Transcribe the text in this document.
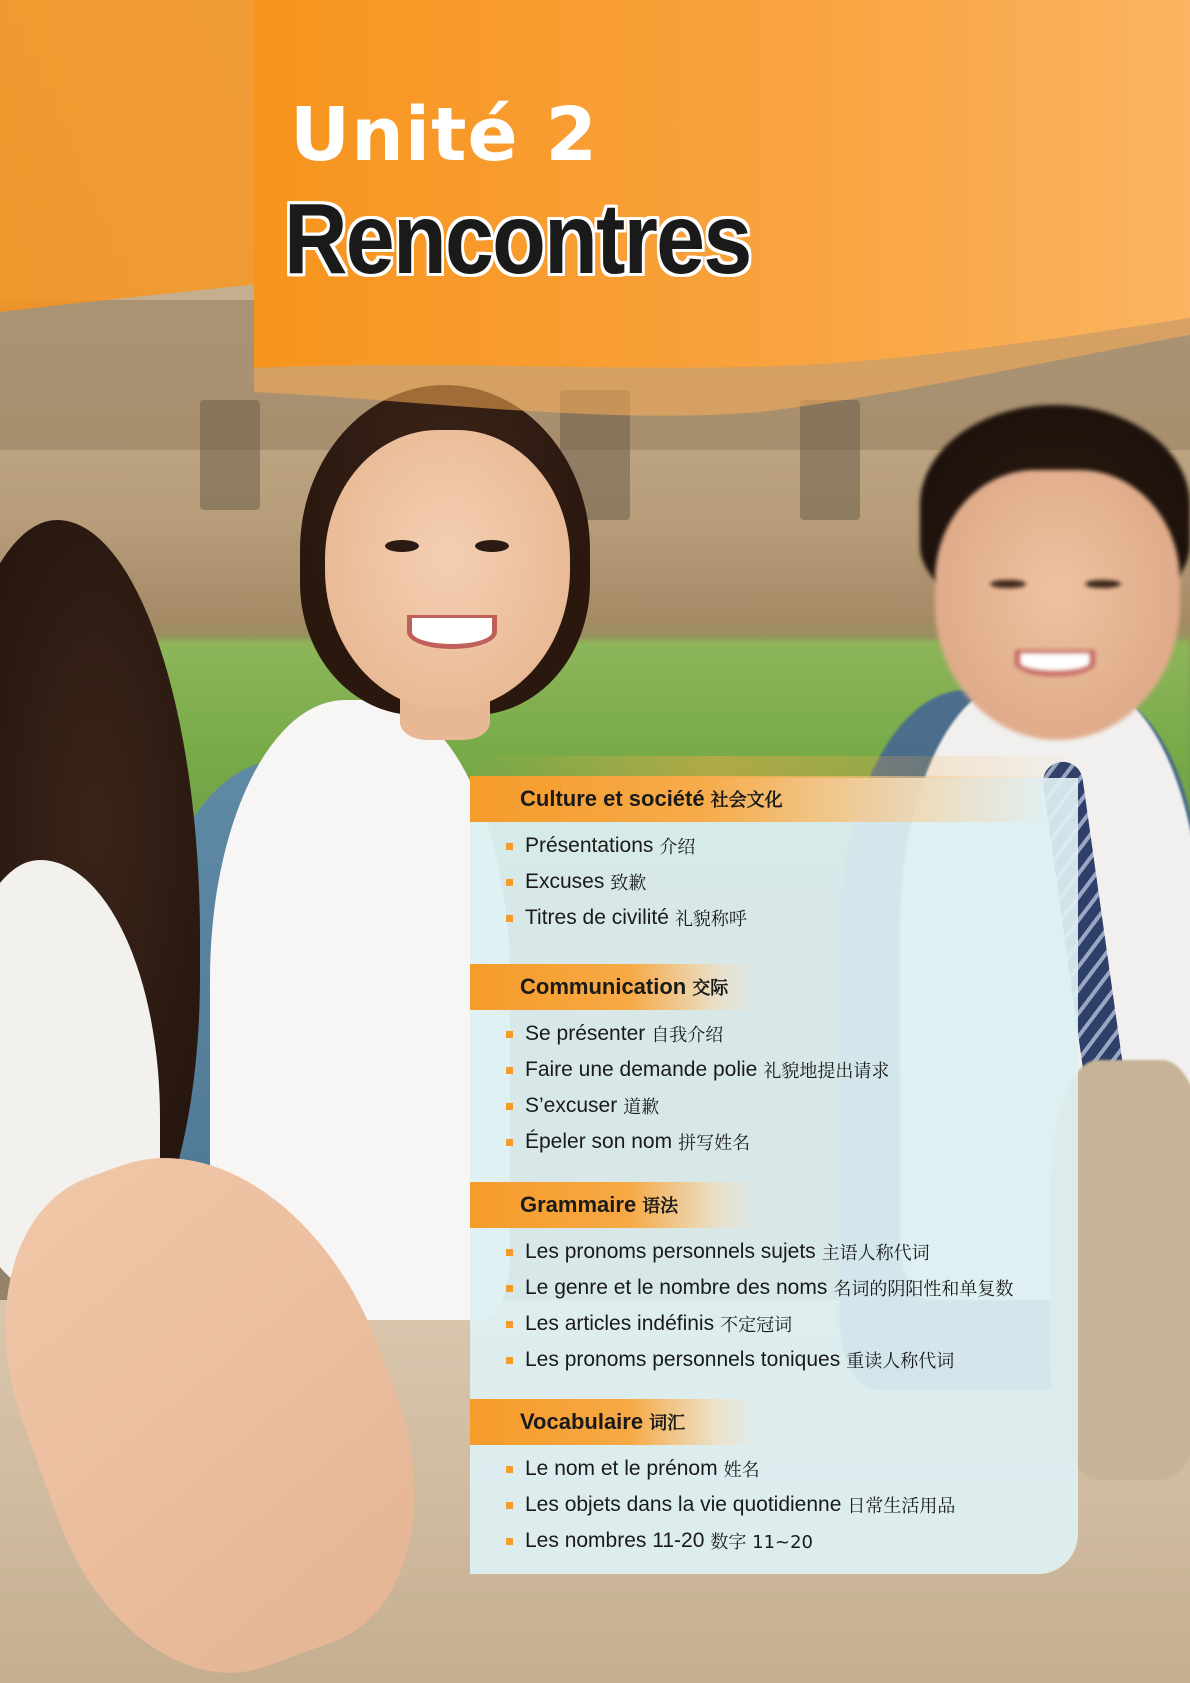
Unité 2
Rencontres
Culture et société 社会文化
Présentations 介绍
Excuses 致歉
Titres de civilité 礼貌称呼
Communication 交际
Se présenter 自我介绍
Faire une demande polie 礼貌地提出请求
S’excuser 道歉
Épeler son nom 拼写姓名
Grammaire 语法
Les pronoms personnels sujets 主语人称代词
Le genre et le nombre des noms 名词的阴阳性和单复数
Les articles indéfinis 不定冠词
Les pronoms personnels toniques 重读人称代词
Vocabulaire 词汇
Le nom et le prénom 姓名
Les objets dans la vie quotidienne 日常生活用品
Les nombres 11-20 数字 11~20
